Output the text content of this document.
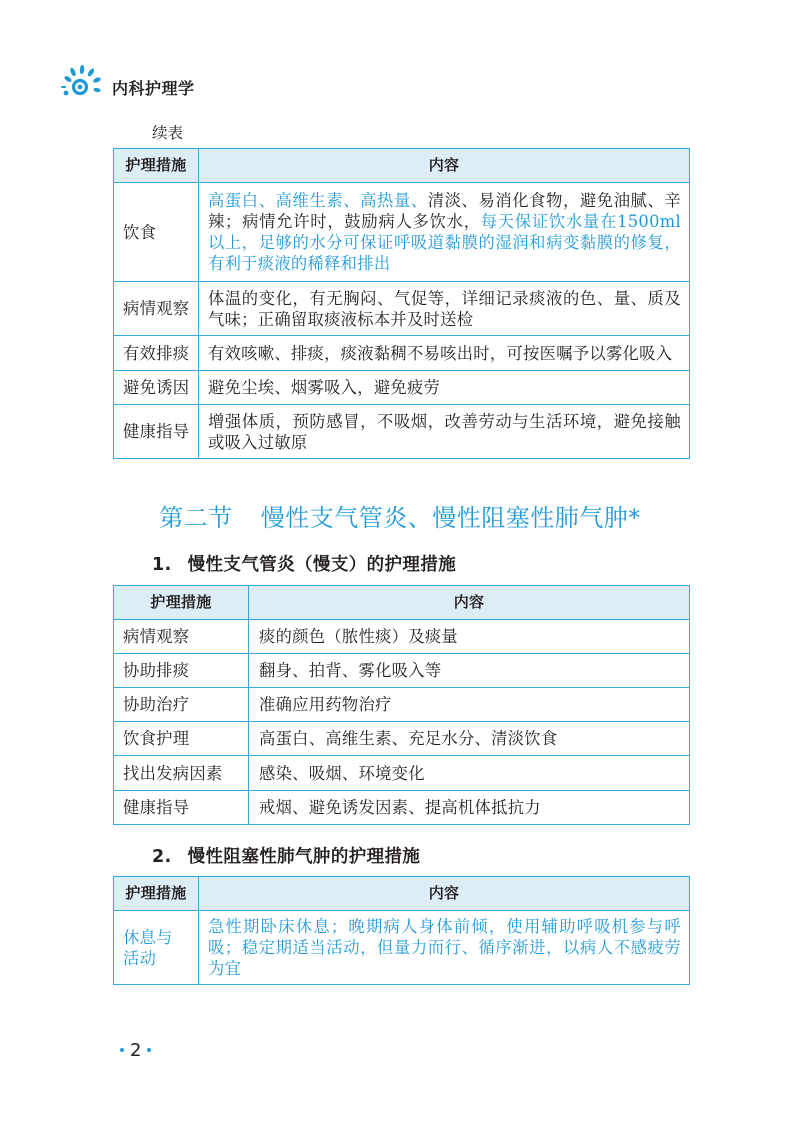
内科护理学
续表
护理措施	内容
饮食	高蛋白、高维生素、高热量、清淡、易消化食物，避免油腻、辛辣；病情允许时，鼓励病人多饮水，每天保证饮水量在1500ml以上，足够的水分可保证呼吸道黏膜的湿润和病变黏膜的修复，有利于痰液的稀释和排出
病情观察	体温的变化，有无胸闷、气促等，详细记录痰液的色、量、质及气味；正确留取痰液标本并及时送检
有效排痰	有效咳嗽、排痰，痰液黏稠不易咳出时，可按医嘱予以雾化吸入
避免诱因	避免尘埃、烟雾吸入，避免疲劳
健康指导	增强体质，预防感冒，不吸烟，改善劳动与生活环境，避免接触或吸入过敏原
第二节 慢性支气管炎、慢性阻塞性肺气肿*
1. 慢性支气管炎（慢支）的护理措施
护理措施	内容
病情观察	痰的颜色（脓性痰）及痰量
协助排痰	翻身、拍背、雾化吸入等
协助治疗	准确应用药物治疗
饮食护理	高蛋白、高维生素、充足水分、清淡饮食
找出发病因素	感染、吸烟、环境变化
健康指导	戒烟、避免诱发因素、提高机体抵抗力
2. 慢性阻塞性肺气肿的护理措施
护理措施	内容
休息与活动	急性期卧床休息；晚期病人身体前倾，使用辅助呼吸机参与呼吸；稳定期适当活动，但量力而行、循序渐进，以病人不感疲劳为宜
2
